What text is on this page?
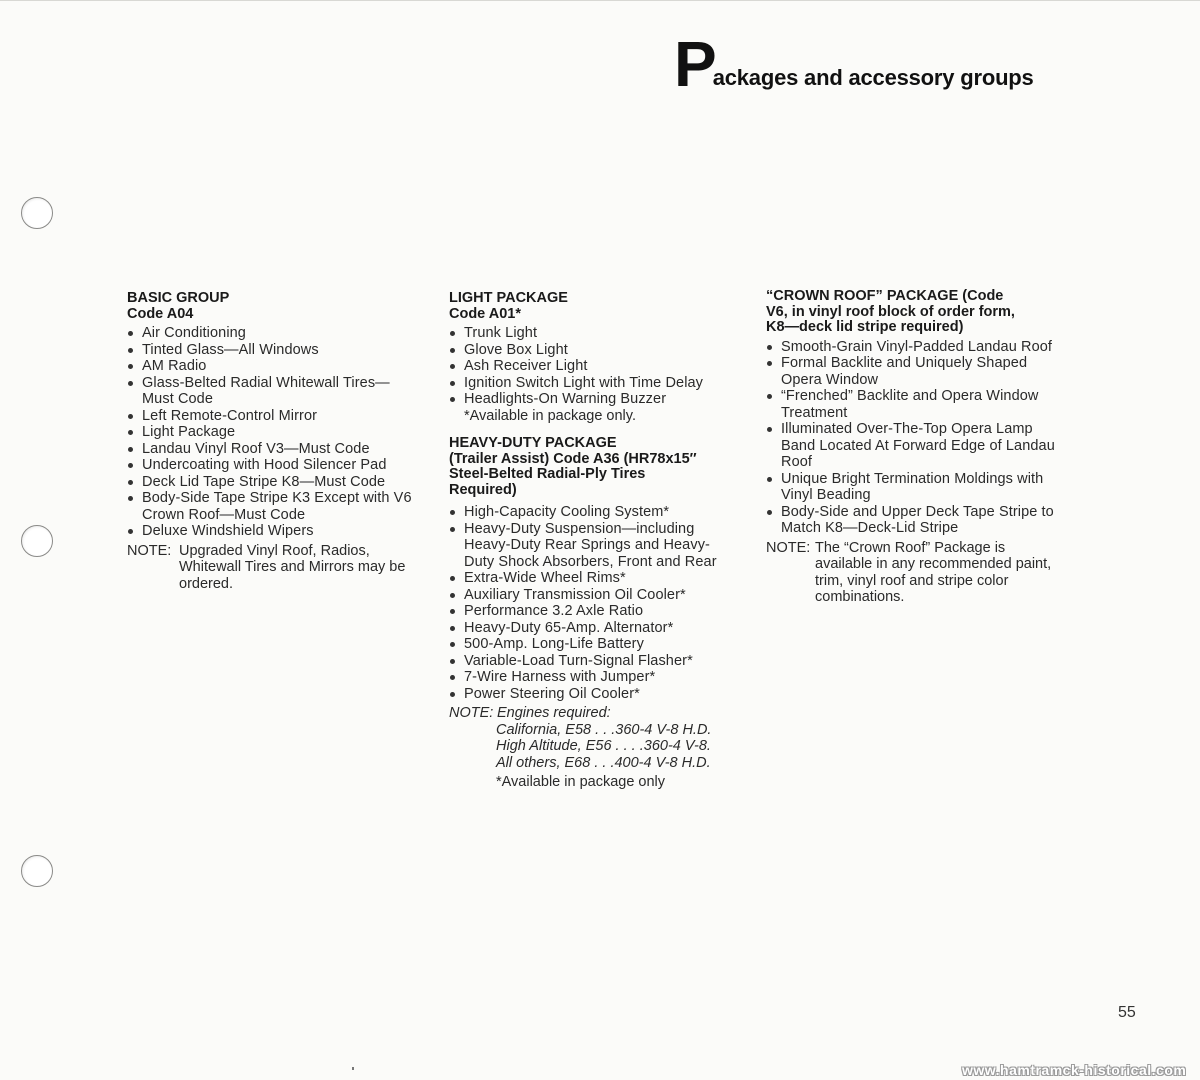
Packages and accessory groups
BASIC GROUP
Code A04
Air Conditioning
Tinted Glass—All Windows
AM Radio
Glass-Belted Radial Whitewall Tires—Must Code
Left Remote-Control Mirror
Light Package
Landau Vinyl Roof V3—Must Code
Undercoating with Hood Silencer Pad
Deck Lid Tape Stripe K8—Must Code
Body-Side Tape Stripe K3 Except with V6 Crown Roof—Must Code
Deluxe Windshield Wipers
NOTE: Upgraded Vinyl Roof, Radios, Whitewall Tires and Mirrors may be ordered.
LIGHT PACKAGE
Code A01*
Trunk Light
Glove Box Light
Ash Receiver Light
Ignition Switch Light with Time Delay
Headlights-On Warning Buzzer
*Available in package only.
HEAVY-DUTY PACKAGE
(Trailer Assist) Code A36 (HR78x15″
Steel-Belted Radial-Ply Tires
Required)
High-Capacity Cooling System*
Heavy-Duty Suspension—including Heavy-Duty Rear Springs and Heavy-Duty Shock Absorbers, Front and Rear
Extra-Wide Wheel Rims*
Auxiliary Transmission Oil Cooler*
Performance 3.2 Axle Ratio
Heavy-Duty 65-Amp. Alternator*
500-Amp. Long-Life Battery
Variable-Load Turn-Signal Flasher*
7-Wire Harness with Jumper*
Power Steering Oil Cooler*
NOTE: Engines required:
California, E58 . . .360-4 V-8 H.D.
High Altitude, E56 . . . .360-4 V-8.
All others, E68 . . .400-4 V-8 H.D.
*Available in package only
“CROWN ROOF” PACKAGE (Code
V6, in vinyl roof block of order form,
K8—deck lid stripe required)
Smooth-Grain Vinyl-Padded Landau Roof
Formal Backlite and Uniquely Shaped Opera Window
“Frenched” Backlite and Opera Window Treatment
Illuminated Over-The-Top Opera Lamp Band Located At Forward Edge of Landau Roof
Unique Bright Termination Moldings with Vinyl Beading
Body-Side and Upper Deck Tape Stripe to Match K8—Deck-Lid Stripe
NOTE: The “Crown Roof” Package is available in any recommended paint, trim, vinyl roof and stripe color combinations.
55
www.hamtramck-historical.com
